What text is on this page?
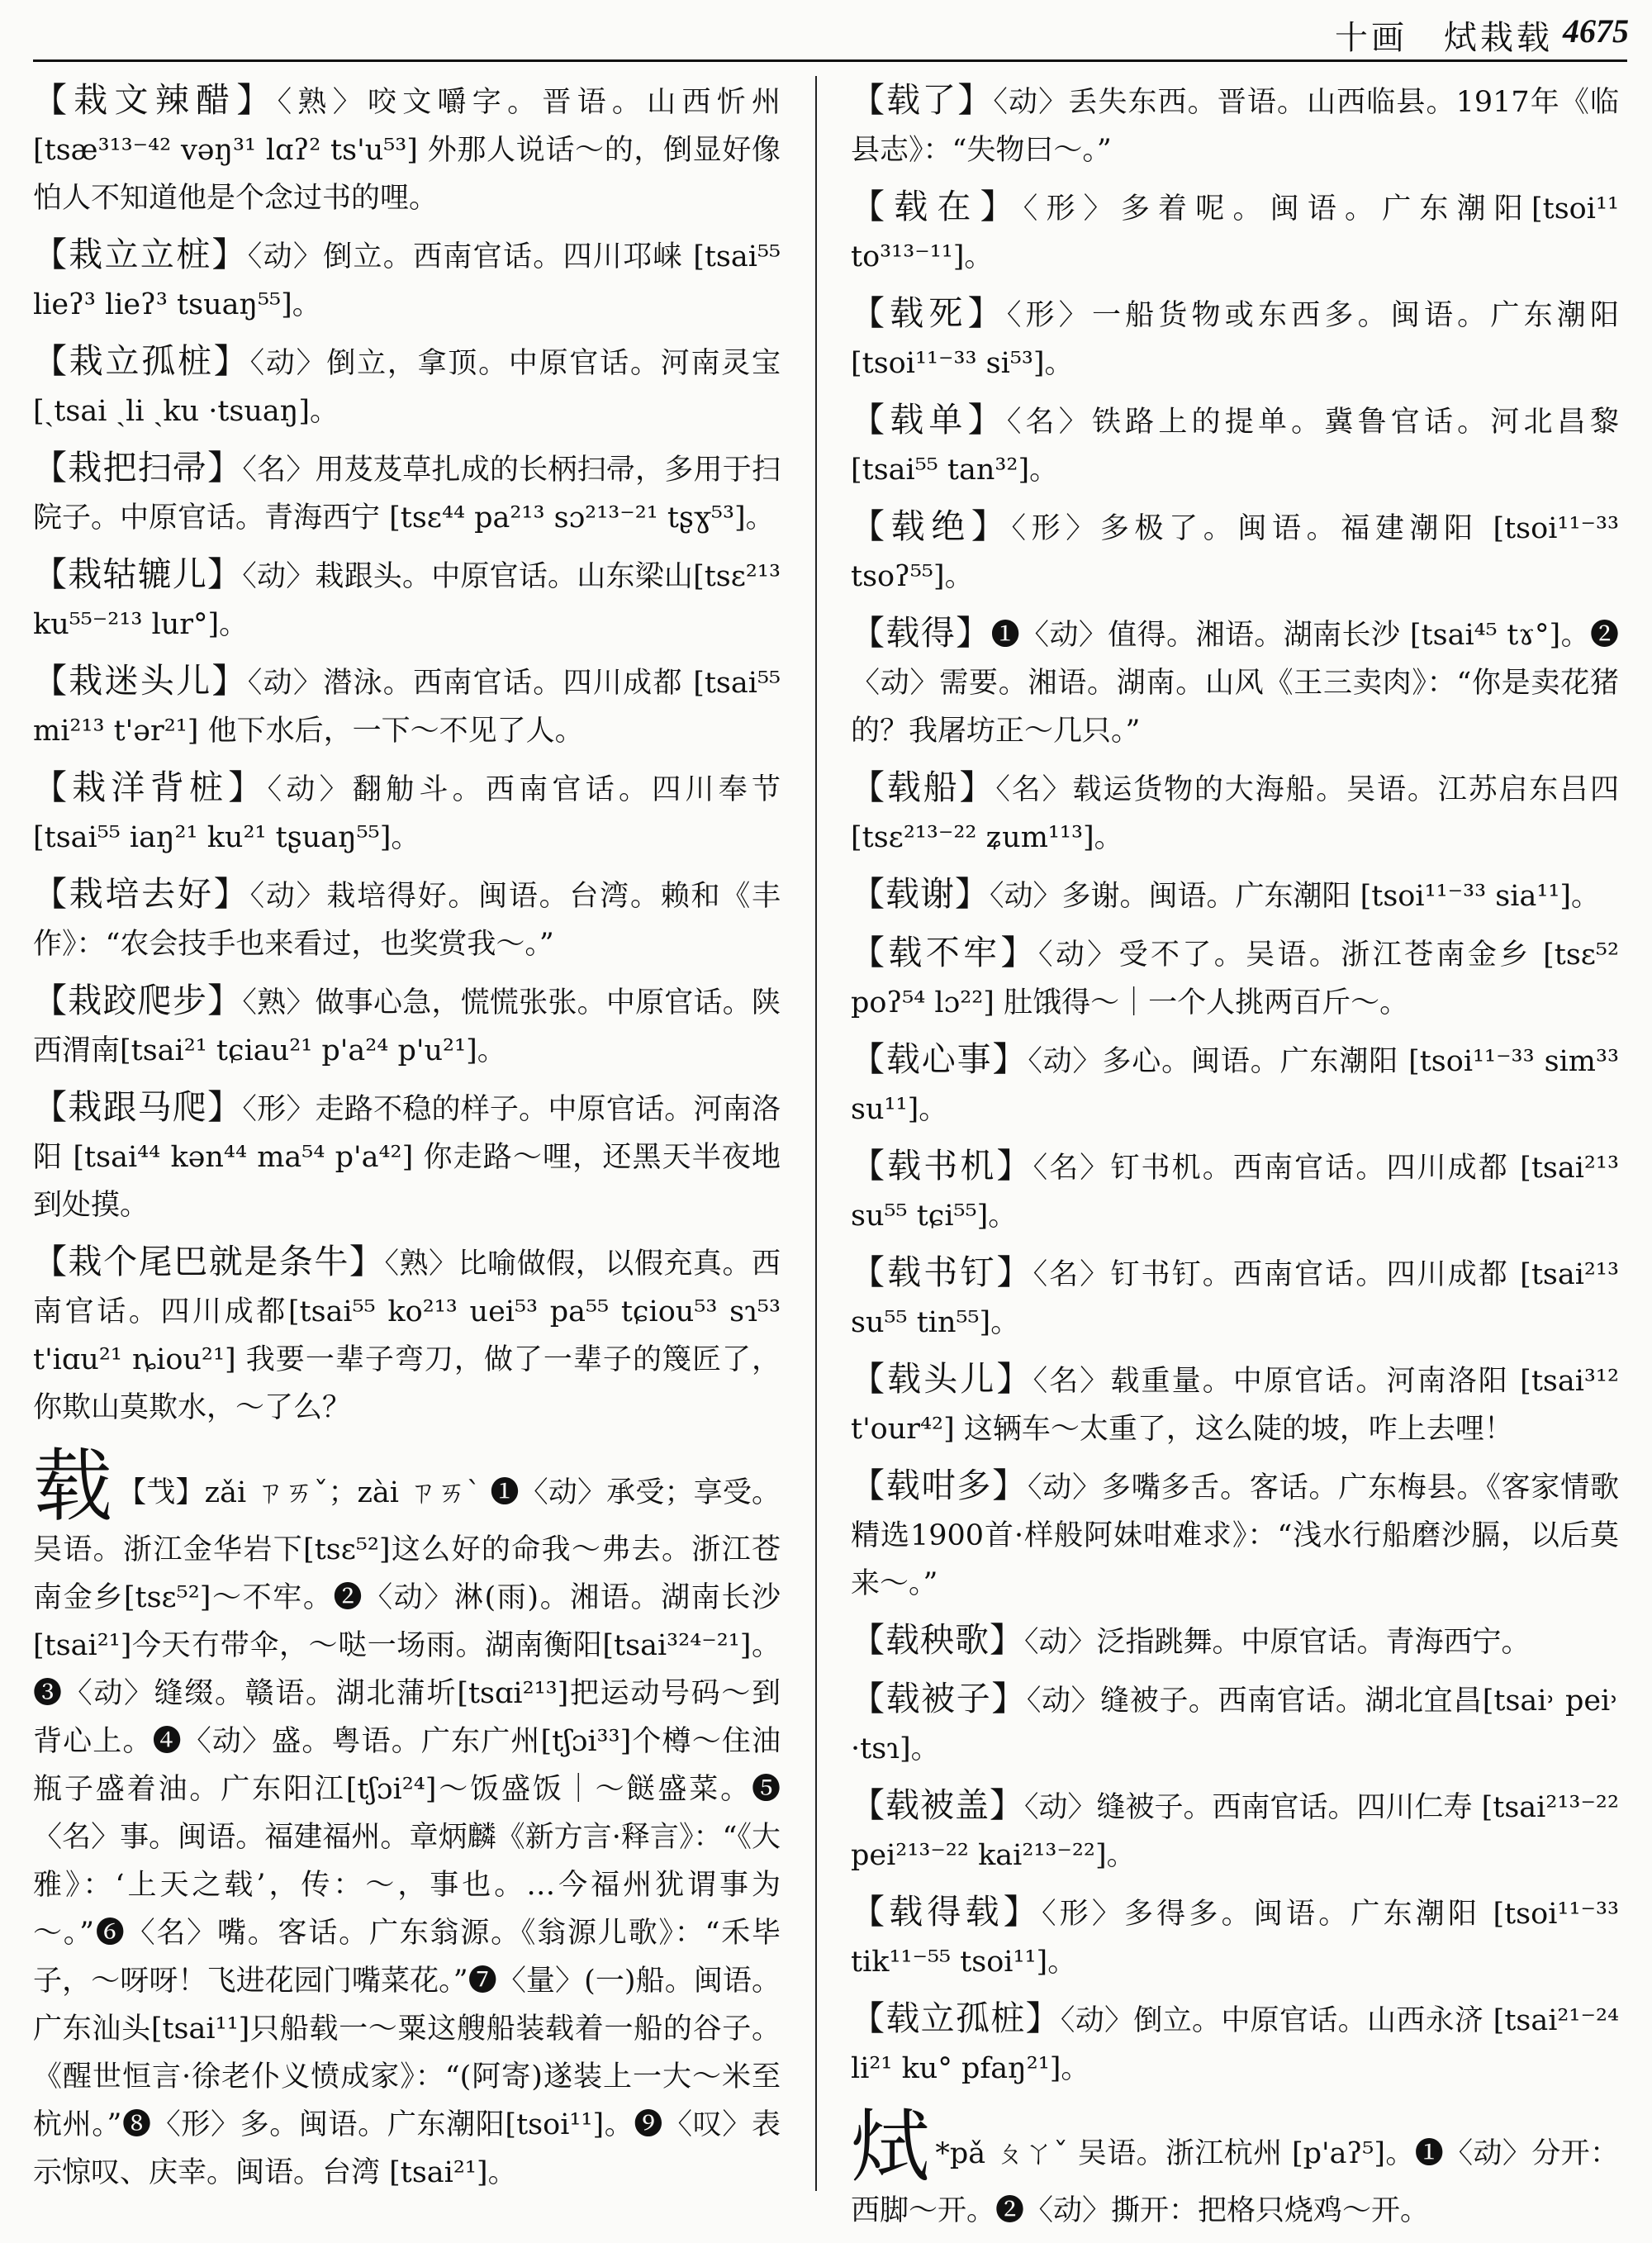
十画　烒栽载 4675
【栽文辣醋】〈熟〉咬文嚼字。晋语。山西忻州[tsæ³¹³⁻⁴² vəŋ³¹ lɑʔ² ts'u⁵³] 外那人说话～的，倒显好像怕人不知道他是个念过书的哩。
【栽立立桩】〈动〉倒立。西南官话。四川邛崃 [tsai⁵⁵ lieʔ³ lieʔ³ tsuaŋ⁵⁵]。
【栽立孤桩】〈动〉倒立，拿顶。中原官话。河南灵宝 [ˏtsai ˏli ˏku ·tsuaŋ]。
【栽把扫帚】〈名〉用芨芨草扎成的长柄扫帚，多用于扫院子。中原官话。青海西宁 [tsɛ⁴⁴ pa²¹³ sɔ²¹³⁻²¹ tʂɣ⁵³]。
【栽轱辘儿】〈动〉栽跟头。中原官话。山东梁山[tsɛ²¹³ ku⁵⁵⁻²¹³ lur°]。
【栽迷头儿】〈动〉潜泳。西南官话。四川成都 [tsai⁵⁵ mi²¹³ t'ər²¹] 他下水后，一下～不见了人。
【栽洋背桩】〈动〉翻觔斗。西南官话。四川奉节 [tsai⁵⁵ iaŋ²¹ ku²¹ tʂuaŋ⁵⁵]。
【栽培去好】〈动〉栽培得好。闽语。台湾。赖和《丰作》：“农会技手也来看过，也奖赏我～。”
【栽跤爬步】〈熟〉做事心急，慌慌张张。中原官话。陕西渭南[tsai²¹ tɕiau²¹ p'a²⁴ p'u²¹]。
【栽跟马爬】〈形〉走路不稳的样子。中原官话。河南洛阳 [tsai⁴⁴ kən⁴⁴ ma⁵⁴ p'a⁴²] 你走路～哩，还黑天半夜地到处摸。
【栽个尾巴就是条牛】〈熟〉比喻做假，以假充真。西南官话。四川成都[tsai⁵⁵ ko²¹³ uei⁵³ pa⁵⁵ tɕiou⁵³ sɿ⁵³ t'iɑu²¹ ȵiou²¹] 我要一辈子弯刀，做了一辈子的篾匠了，你欺山莫欺水，～了么？
载 【𢦏】zǎi ㄗㄞˇ；zài ㄗㄞˋ ❶〈动〉承受；享受。吴语。浙江金华岩下[tsɛ⁵²]这么好的命我～弗去。浙江苍南金乡[tsɛ⁵²]～不牢。❷〈动〉淋(雨)。湘语。湖南长沙[tsai²¹]今天冇带伞，～哒一场雨。湖南衡阳[tsai³²⁴⁻²¹]。❸〈动〉缝缀。赣语。湖北蒲圻[tsɑi²¹³]把运动号码～到背心上。❹〈动〉盛。粤语。广东广州[tʃɔi³³]个樽～住油瓶子盛着油。广东阳江[tʃɔi²⁴]～饭盛饭｜～餸盛菜。❺〈名〉事。闽语。福建福州。章炳麟《新方言·释言》：“《大雅》：‘上天之载’，传：～，事也。…今福州犹谓事为～。”❻〈名〉嘴。客话。广东翁源。《翁源儿歌》：“禾毕子，～呀呀！飞进花园门嘴菜花。”❼〈量〉(一)船。闽语。广东汕头[tsai¹¹]只船载一～粟这艘船装载着一船的谷子。《醒世恒言·徐老仆义愤成家》：“(阿寄)遂装上一大～米至杭州。”❽〈形〉多。闽语。广东潮阳[tsoi¹¹]。❾〈叹〉表示惊叹、庆幸。闽语。台湾 [tsai²¹]。
【载了】〈动〉丢失东西。晋语。山西临县。1917年《临县志》：“失物曰～。”
【载在】〈形〉多着呢。闽语。广东潮阳[tsoi¹¹ to³¹³⁻¹¹]。
【载死】〈形〉一船货物或东西多。闽语。广东潮阳 [tsoi¹¹⁻³³ si⁵³]。
【载单】〈名〉铁路上的提单。冀鲁官话。河北昌黎 [tsai⁵⁵ tan³²]。
【载绝】〈形〉多极了。闽语。福建潮阳 [tsoi¹¹⁻³³ tsoʔ⁵⁵]。
【载得】❶〈动〉值得。湘语。湖南长沙 [tsai⁴⁵ tɤ°]。❷〈动〉需要。湘语。湖南。山风《王三卖肉》：“你是卖花猪的？我屠坊正～几只。”
【载船】〈名〉载运货物的大海船。吴语。江苏启东吕四 [tsɛ²¹³⁻²² ʑum¹¹³]。
【载谢】〈动〉多谢。闽语。广东潮阳 [tsoi¹¹⁻³³ sia¹¹]。
【载不牢】〈动〉受不了。吴语。浙江苍南金乡 [tsɛ⁵² poʔ⁵⁴ lɔ²²] 肚饿得～｜一个人挑两百斤～。
【载心事】〈动〉多心。闽语。广东潮阳 [tsoi¹¹⁻³³ sim³³ su¹¹]。
【载书机】〈名〉钉书机。西南官话。四川成都 [tsai²¹³ su⁵⁵ tɕi⁵⁵]。
【载书钉】〈名〉钉书钉。西南官话。四川成都 [tsai²¹³ su⁵⁵ tin⁵⁵]。
【载头儿】〈名〉载重量。中原官话。河南洛阳 [tsai³¹² t'our⁴²] 这辆车～太重了，这么陡的坡，咋上去哩！
【载咁多】〈动〉多嘴多舌。客话。广东梅县。《客家情歌精选1900首·样般阿妹咁难求》：“浅水行船磨沙膈，以后莫来～。”
【载秧歌】〈动〉泛指跳舞。中原官话。青海西宁。
【载被子】〈动〉缝被子。西南官话。湖北宜昌[tsai˒ pei˒ ·tsɿ]。
【载被盖】〈动〉缝被子。西南官话。四川仁寿 [tsai²¹³⁻²² pei²¹³⁻²² kai²¹³⁻²²]。
【载得载】〈形〉多得多。闽语。广东潮阳 [tsoi¹¹⁻³³ tik¹¹⁻⁵⁵ tsoi¹¹]。
【载立孤桩】〈动〉倒立。中原官话。山西永济 [tsai²¹⁻²⁴ li²¹ ku° pfaŋ²¹]。
烒 *pǎ ㄆㄚˇ 吴语。浙江杭州 [p'aʔ⁵]。❶〈动〉分开：西脚～开。❷〈动〉撕开：把格只烧鸡～开。
